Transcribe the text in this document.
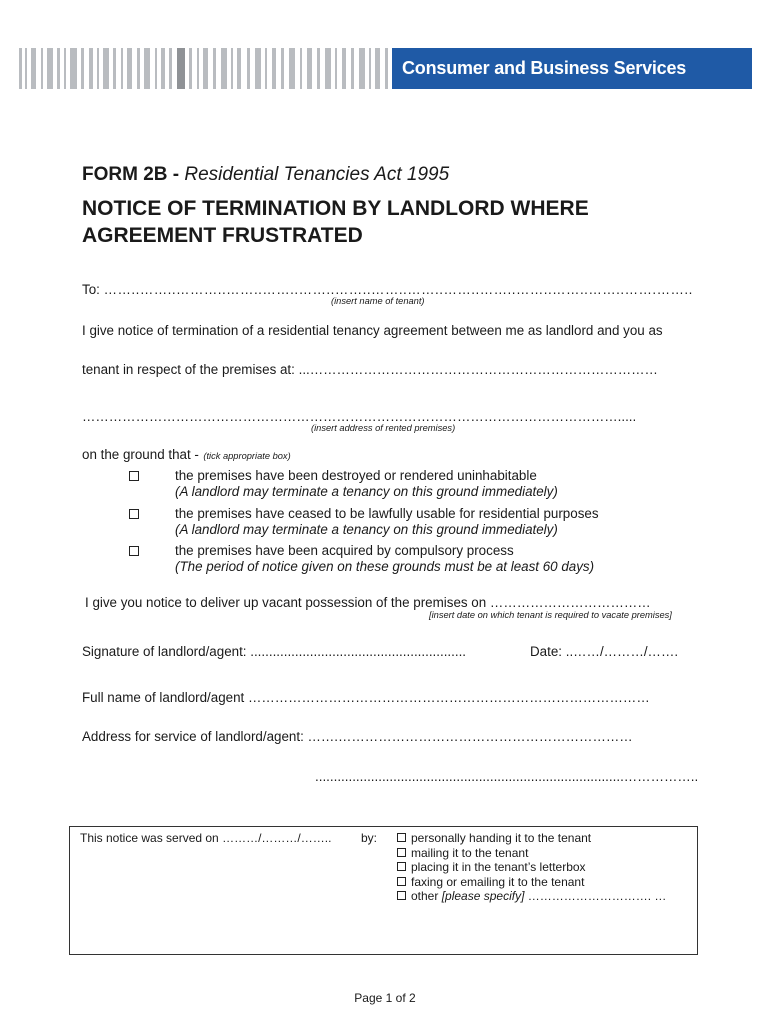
Consumer and Business Services
FORM 2B - Residential Tenancies Act 1995
NOTICE OF TERMINATION BY LANDLORD WHERE
AGREEMENT FRUSTRATED
To: ……..……..………..……..……..……..……..……..……..……..……..……..……..……..…….……..
(insert name of tenant)
I give notice of termination of a residential tenancy agreement between me as landlord and you as
tenant in respect of the premises at: ...……………………………………………………………………
………………………………………………………………………………………………………….....
(insert address of rented premises)
on the ground that - (tick appropriate box)
the premises have been destroyed or rendered uninhabitable
(A landlord may terminate a tenancy on this ground immediately)
the premises have ceased to be lawfully usable for residential purposes
(A landlord may terminate a tenancy on this ground immediately)
the premises have been acquired by compulsory process
(The period of notice given on these grounds must be at least 60 days)
I give you notice to deliver up vacant possession of the premises on ………………………………
[insert date on which tenant is required to vacate premises]
Signature of landlord/agent: ..........................................................	Date: ..……/………/…….
Full name of landlord/agent ………………………………………………………………………………
Address for service of landlord/agent: …….…………………………………………………………
...................................................................................……………..
This notice was served on ………/………/…….. by:	personally handing it to the tenant
mailing it to the tenant
placing it in the tenant’s letterbox
faxing or emailing it to the tenant
other [please specify] …………………………. …
Page 1 of 2
